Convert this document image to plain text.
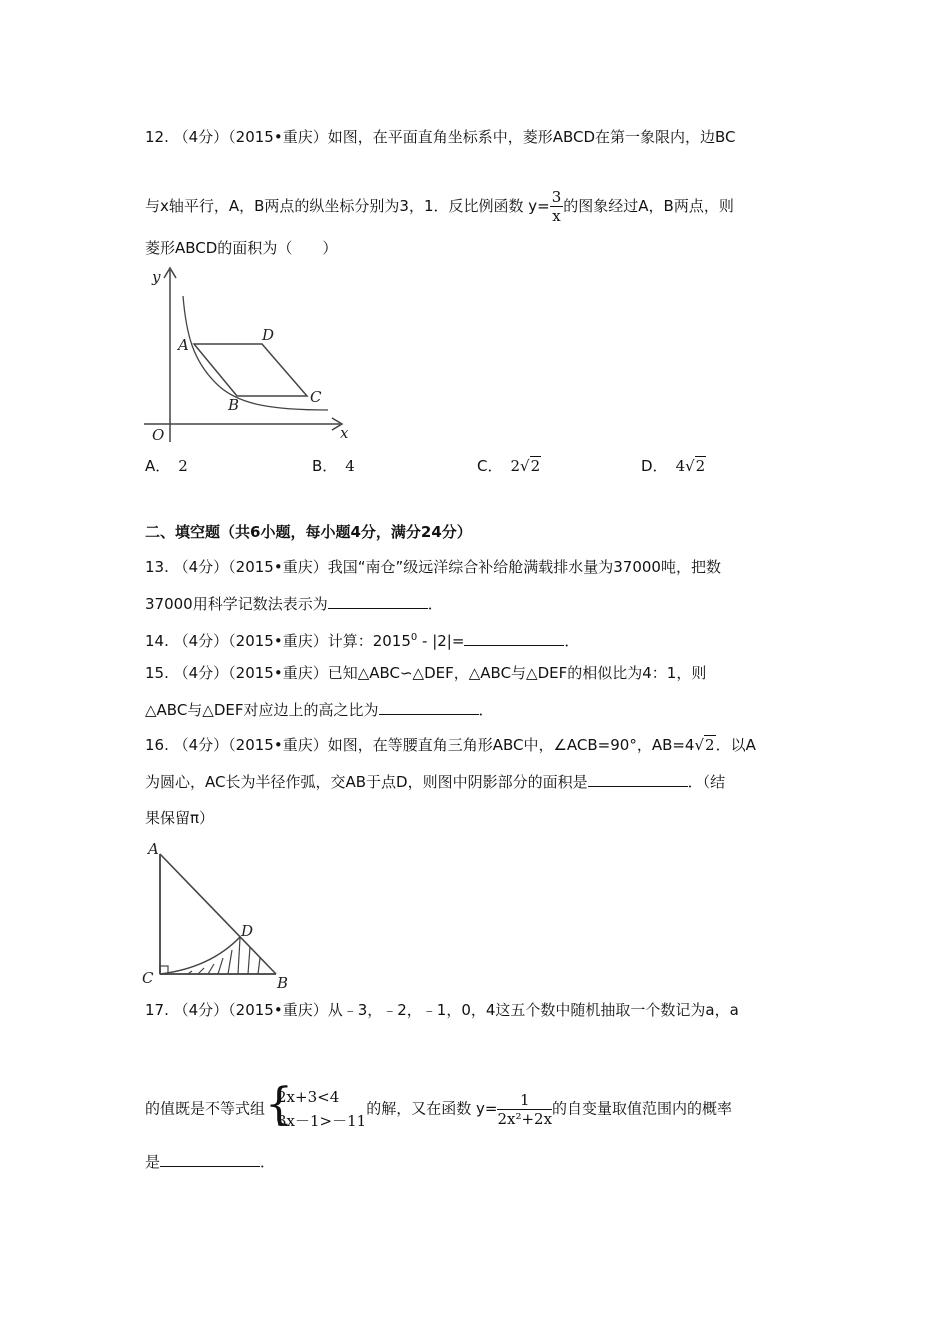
12. （4分）（2015•重庆）如图，在平面直角坐标系中，菱形ABCD在第一象限内，边BC
与x轴平行，A，B两点的纵坐标分别为3，1．反比例函数 $y= \frac{3}{x}$ 的图象经过A，B两点，则
菱形ABCD的面积为（　　）
y
x
O
A
B	C
D
A． 2	B． 4	C． 2√2	D． 4√2
二、填空题（共6小题，每小题4分，满分24分）
13. （4分）（2015•重庆）我国“南仓”级远洋综合补给舱满载排水量为37000吨，把数
37000用科学记数法表示为	．
14. （4分）（2015•重庆）计算：2015$^0$ - |2|=	．
15. （4分）（2015•重庆）已知△ABC∽△DEF，△ABC与△DEF的相似比为4：1，则
△ABC与△DEF对应边上的高之比为	．
16. （4分）（2015•重庆）如图，在等腰直角三角形ABC中，∠ACB=90°，AB=4√2．以A
为圆心，AC长为半径作弧，交AB于点D，则图中阴影部分的面积是	．（结
果保留π）
A
C	B
D
17. （4分）（2015•重庆）从﹣3，﹣2，﹣1，0，4这五个数中随机抽取一个数记为a，a
的值既是不等式组 {
2x+3<4
3x－1>－11
的解，又在函数 $y= \frac{1}{\text{2x²+2x}}$ 的自变量取值范围内的概率
是	．
